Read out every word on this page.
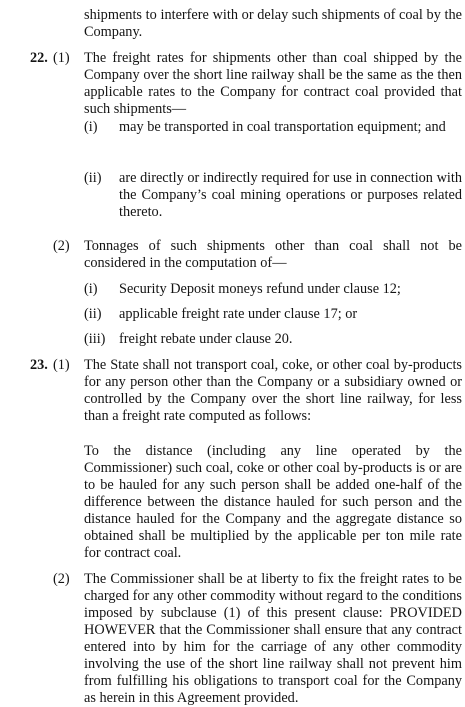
shipments to interfere with or delay such shipments of coal by the Company.

22. (1) The freight rates for shipments other than coal shipped by the Company over the short line railway shall be the same as the then applicable rates to the Company for contract coal provided that such shipments—

(i) may be transported in coal transportation equipment; and

(ii) are directly or indirectly required for use in connection with the Company’s coal mining operations or purposes related thereto.

(2) Tonnages of such shipments other than coal shall not be considered in the computation of—

(i) Security Deposit moneys refund under clause 12;

(ii) applicable freight rate under clause 17; or

(iii) freight rebate under clause 20.

23. (1) The State shall not transport coal, coke, or other coal by-products for any person other than the Company or a subsidiary owned or controlled by the Company over the short line railway, for less than a freight rate computed as follows:

To the distance (including any line operated by the Commissioner) such coal, coke or other coal by-products is or are to be hauled for any such person shall be added one-half of the difference between the distance hauled for such person and the distance hauled for the Company and the aggregate distance so obtained shall be multiplied by the applicable per ton mile rate for contract coal.

(2) The Commissioner shall be at liberty to fix the freight rates to be charged for any other commodity without regard to the conditions imposed by subclause (1) of this present clause: PROVIDED HOWEVER that the Commissioner shall ensure that any contract entered into by him for the carriage of any other commodity involving the use of the short line railway shall not prevent him from fulfilling his obligations to transport coal for the Company as herein in this Agreement provided.
